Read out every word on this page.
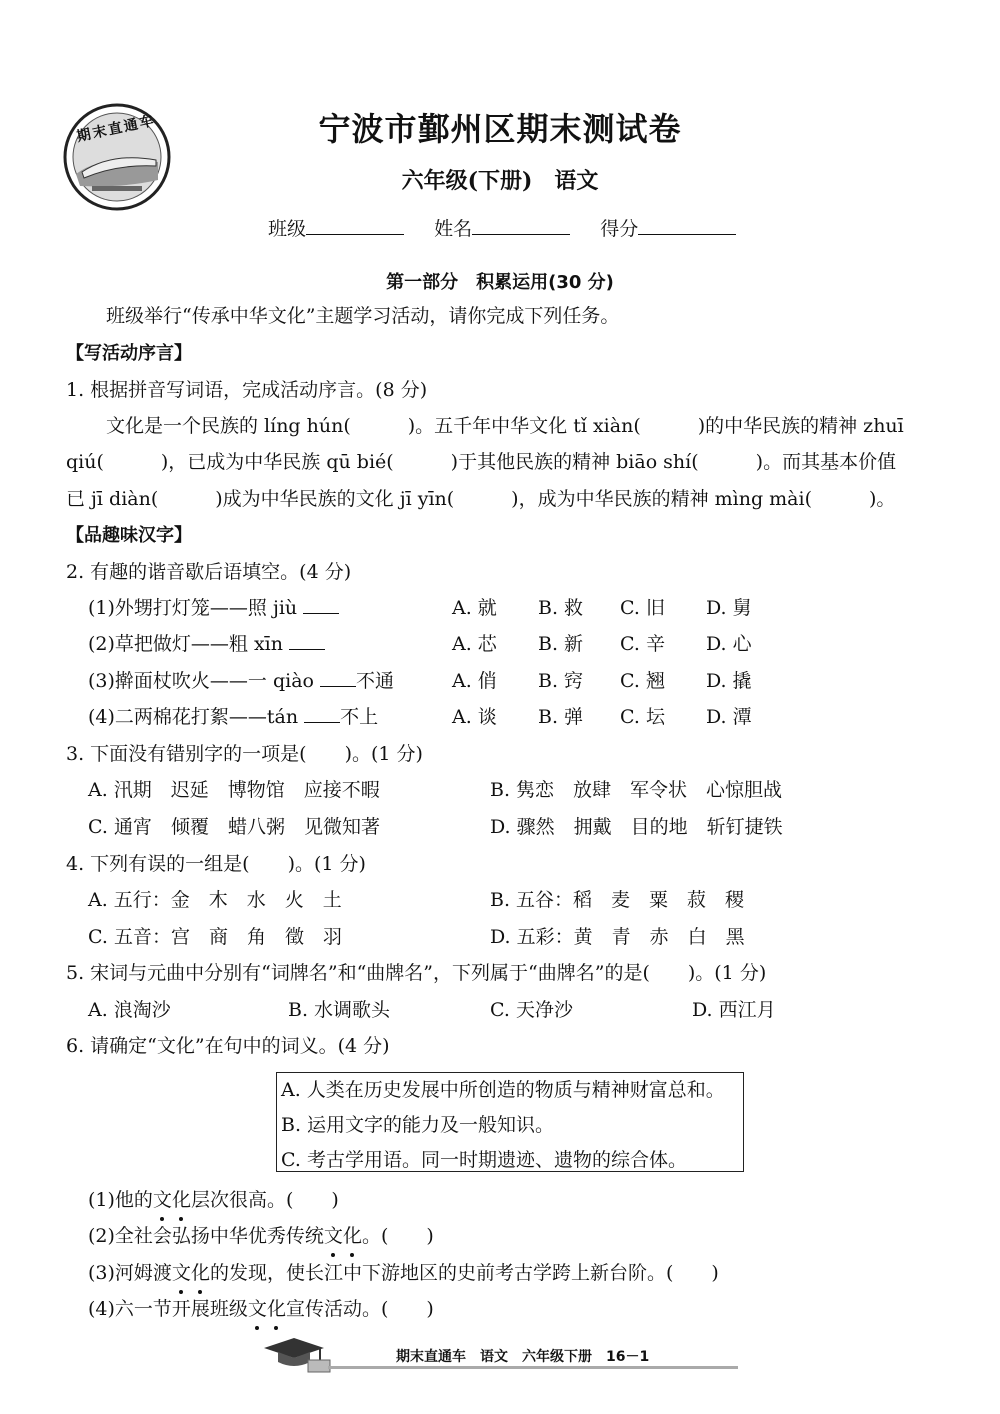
期末直通车	宁波市鄞州区期末测试卷
六年级(下册)　语文
班级	姓名	得分
第一部分　积累运用(30 分)
班级举行“传承中华文化”主题学习活动，请你完成下列任务。
【写活动序言】
1. 根据拼音写词语，完成活动序言。(8 分)
文化是一个民族的 líng hún(　　　)。五千年中华文化 tǐ xiàn(　　　)的中华民族的精神 zhuī
qiú(　　　)，已成为中华民族 qū bié(　　　)于其他民族的精神 biāo shí(　　　)。而其基本价值
已 jī diàn(　　　)成为中华民族的文化 jī yīn(　　　)，成为中华民族的精神 mìng mài(　　　)。
【品趣味汉字】
2. 有趣的谐音歇后语填空。(4 分)
(1)外甥打灯笼——照 jiù	A. 就 B. 救 C. 旧 D. 舅
(2)草把做灯——粗 xīn	A. 芯 B. 新 C. 辛 D. 心
(3)擀面杖吹火——一 qiào 不通	A. 俏 B. 窍 C. 翘 D. 撬
(4)二两棉花打絮——tán 不上	A. 谈 B. 弹 C. 坛 D. 潭
3. 下面没有错别字的一项是(　　)。(1 分)
A. 汛期　迟延　博物馆　应接不暇	B. 隽恋　放肆　军令状　心惊胆战
C. 通宵　倾覆　蜡八粥　见微知著	D. 骤然　拥戴　目的地　斩钉捷铁
4. 下列有误的一组是(　　)。(1 分)
A. 五行：金　木　水　火　土	B. 五谷：稻　麦　粟　菽　稷
C. 五音：宫　商　角　徵　羽	D. 五彩：黄　青　赤　白　黑
5. 宋词与元曲中分别有“词牌名”和“曲牌名”，下列属于“曲牌名”的是(　　)。(1 分)
A. 浪淘沙	B. 水调歌头	C. 天净沙	D. 西江月
6. 请确定“文化”在句中的词义。(4 分)
A. 人类在历史发展中所创造的物质与精神财富总和。
B. 运用文字的能力及一般知识。
C. 考古学用语。同一时期遗迹、遗物的综合体。
(1)他的文化层次很高。(　　)
(2)全社会弘扬中华优秀传统文化。(　　)
(3)河姆渡文化的发现，使长江中下游地区的史前考古学跨上新台阶。(　　)
(4)六一节开展班级文化宣传活动。(　　)
期末直通车　语文　六年级下册　16－1
